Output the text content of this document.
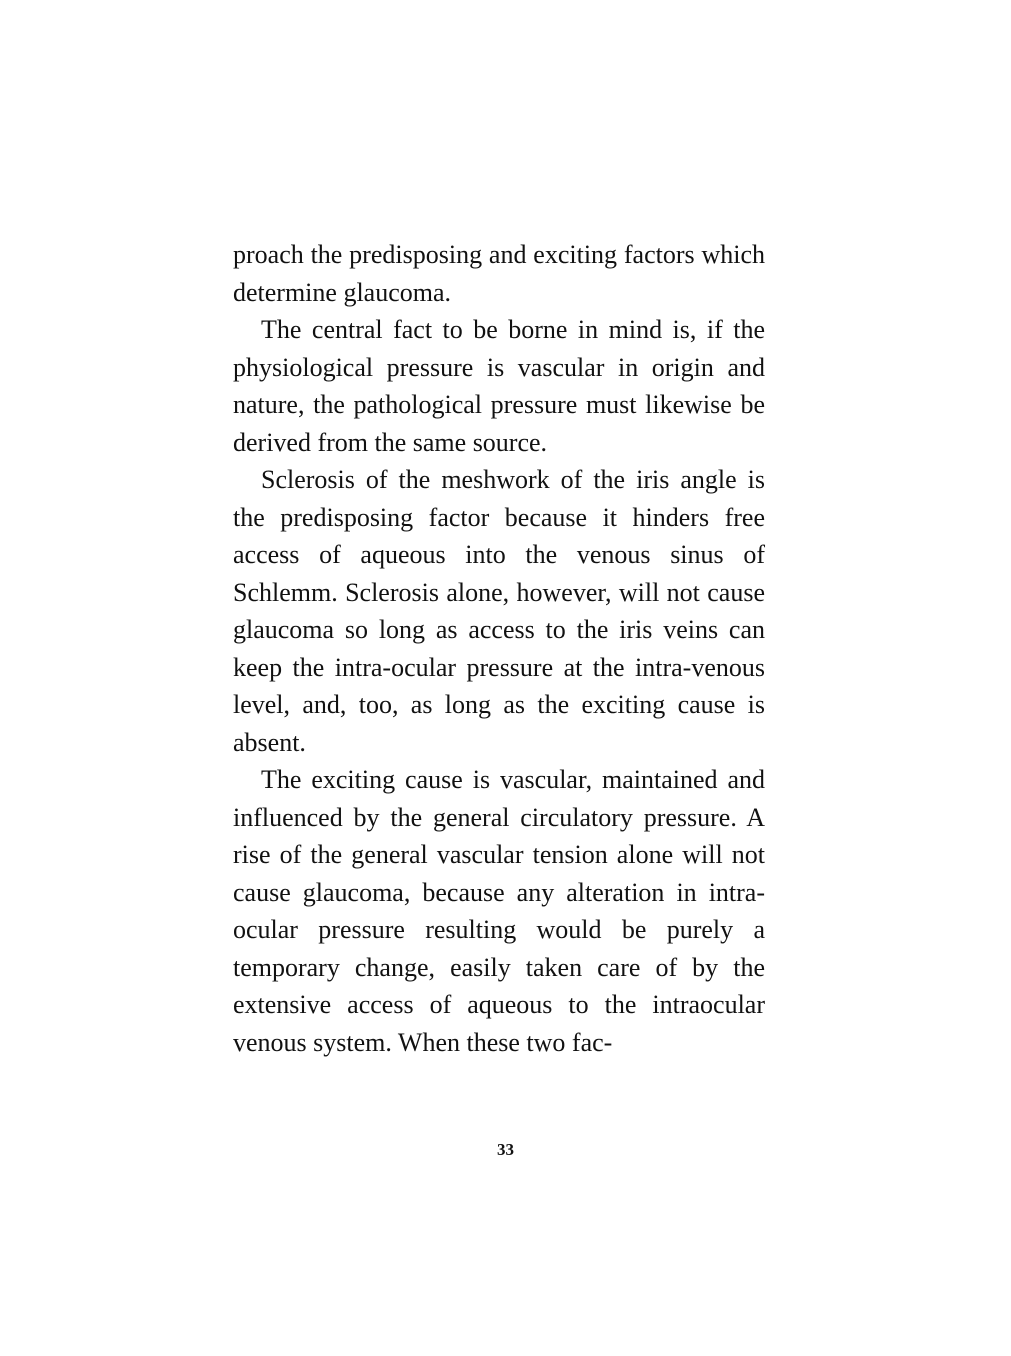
proach the predisposing and exciting factors which determine glaucoma.

The central fact to be borne in mind is, if the physiological pressure is vascular in origin and nature, the pathological pressure must likewise be derived from the same source.

Sclerosis of the meshwork of the iris angle is the predisposing factor because it hinders free access of aqueous into the venous sinus of Schlemm. Sclerosis alone, however, will not cause glaucoma so long as access to the iris veins can keep the intra-ocular pressure at the intra-venous level, and, too, as long as the exciting cause is absent.

The exciting cause is vascular, maintained and influenced by the general circulatory pressure. A rise of the general vascular tension alone will not cause glaucoma, because any alteration in intra-ocular pressure resulting would be purely a temporary change, easily taken care of by the extensive access of aqueous to the intraocular venous system. When these two fac-

33
